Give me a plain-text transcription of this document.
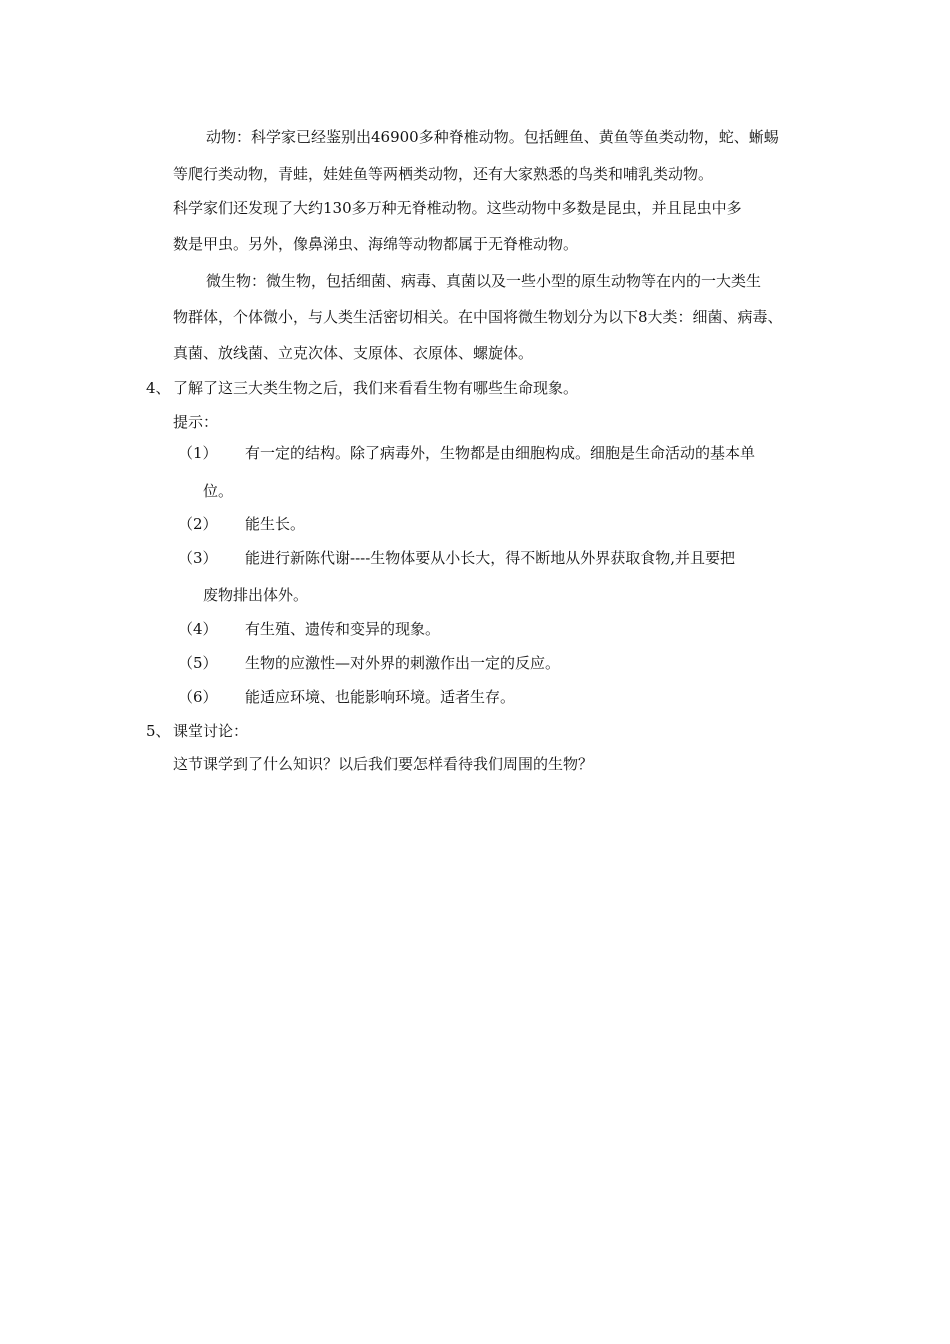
动物：科学家已经鉴别出46900多种脊椎动物。包括鲤鱼、黄鱼等鱼类动物，蛇、蜥蜴

等爬行类动物，青蛙，娃娃鱼等两栖类动物，还有大家熟悉的鸟类和哺乳类动物。

科学家们还发现了大约130多万种无脊椎动物。这些动物中多数是昆虫，并且昆虫中多

数是甲虫。另外，像鼻涕虫、海绵等动物都属于无脊椎动物。

微生物：微生物，包括细菌、病毒、真菌以及一些小型的原生动物等在内的一大类生

物群体，个体微小，与人类生活密切相关。在中国将微生物划分为以下8大类：细菌、病毒、

真菌、放线菌、立克次体、支原体、衣原体、螺旋体。

4、 了解了这三大类生物之后，我们来看看生物有哪些生命现象。

提示：

（1） 有一定的结构。除了病毒外，生物都是由细胞构成。细胞是生命活动的基本单

位。

（2） 能生长。

（3） 能进行新陈代谢----生物体要从小长大，得不断地从外界获取食物,并且要把

废物排出体外。

（4） 有生殖、遗传和变异的现象。

（5） 生物的应激性—对外界的刺激作出一定的反应。

（6） 能适应环境、也能影响环境。适者生存。

5、 课堂讨论：

这节课学到了什么知识？以后我们要怎样看待我们周围的生物？
